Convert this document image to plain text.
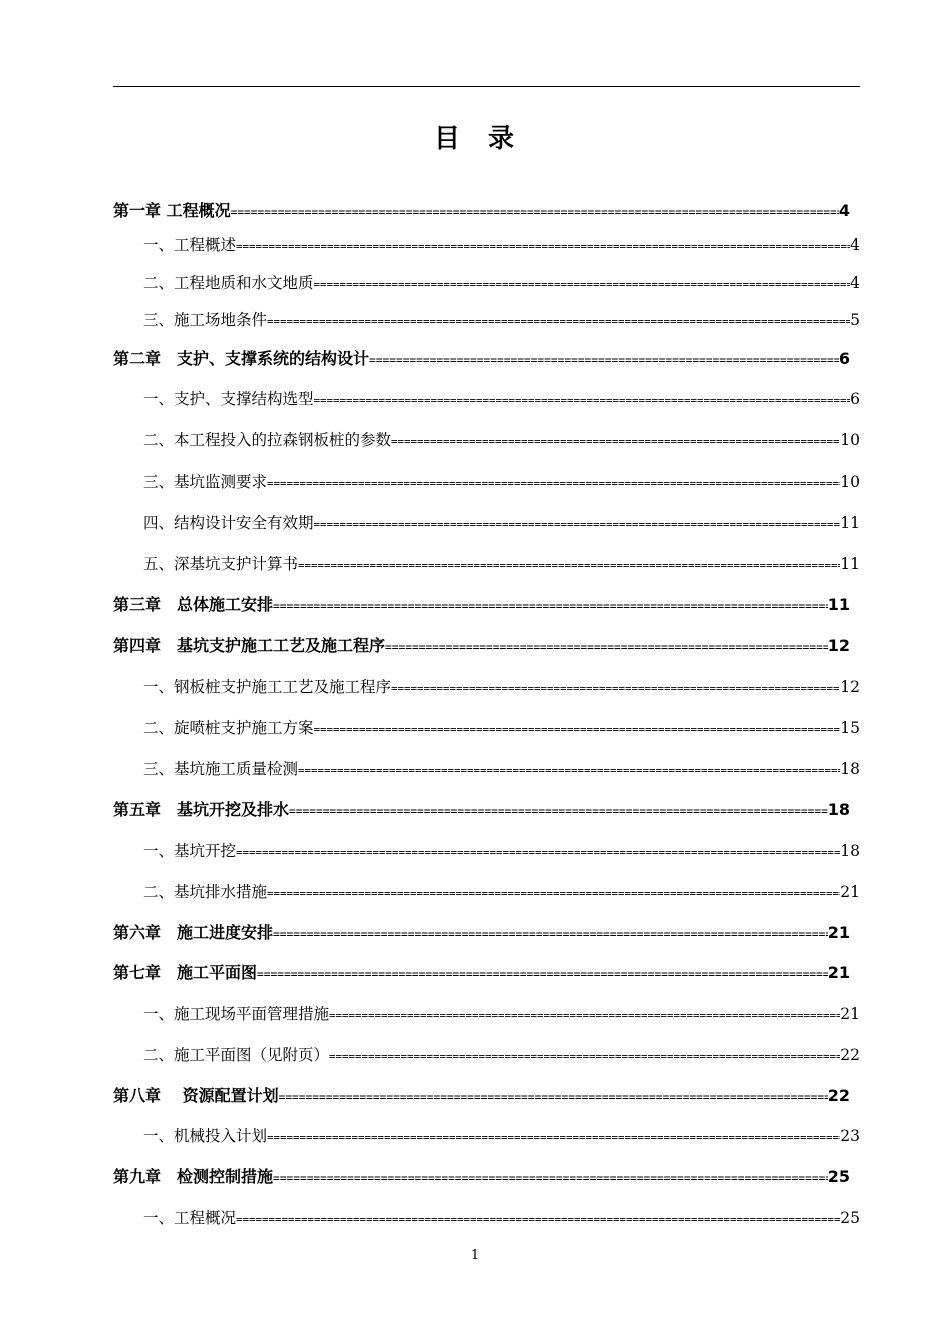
目 录
第一章 工程概况 =====	4
一、工程概述 =====	4
二、工程地质和水文地质 =====	4
三、施工场地条件 =====	5
第二章　支护、支撑系统的结构设计 =====	6
一、支护、支撑结构选型 =====	6
二、本工程投入的拉森钢板桩的参数 =====	10
三、基坑监测要求 =====	10
四、结构设计安全有效期 =====	11
五、深基坑支护计算书 =====	11
第三章　总体施工安排 =====	11
第四章　基坑支护施工工艺及施工程序 =====	12
一、钢板桩支护施工工艺及施工程序 =====	12
二、旋喷桩支护施工方案 =====	15
三、基坑施工质量检测 =====	18
第五章　基坑开挖及排水 =====	18
一、基坑开挖 =====	18
二、基坑排水措施 =====	21
第六章　施工进度安排 =====	21
第七章　施工平面图 =====	21
一、施工现场平面管理措施 =====	21
二、施工平面图（见附页） =====	22
第八章　 资源配置计划 =====	22
一、机械投入计划 =====	23
第九章　检测控制措施 =====	25
一、工程概况 =====	25
1
